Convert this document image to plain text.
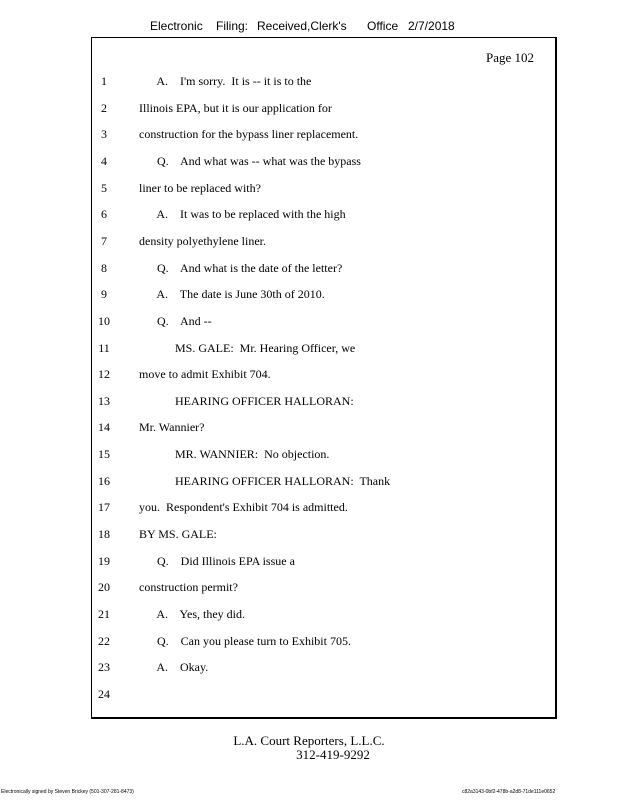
Electronic Filing: Received,Clerk's Office 2/7/2018
Page 102
1	A.    I'm sorry.  It is -- it is to the
2	Illinois EPA, but it is our application for
3	construction for the bypass liner replacement.
4	Q.    And what was -- what was the bypass
5	liner to be replaced with?
6	A.    It was to be replaced with the high
7	density polyethylene liner.
8	Q.    And what is the date of the letter?
9	A.    The date is June 30th of 2010.
10	Q.    And --
11	MS. GALE:  Mr. Hearing Officer, we
12	move to admit Exhibit 704.
13	HEARING OFFICER HALLORAN:
14	Mr. Wannier?
15	MR. WANNIER:  No objection.
16	HEARING OFFICER HALLORAN:  Thank
17	you.  Respondent's Exhibit 704 is admitted.
18	BY MS. GALE:
19	Q.    Did Illinois EPA issue a
20	construction permit?
21	A.    Yes, they did.
22	Q.    Can you please turn to Exhibit 705.
23	A.    Okay.
24
L.A. Court Reporters, L.L.C.
312-419-9292
Electronically signed by Steven Brickey (501-307-281-8473)	c82a3143-0bf2-478b-a2d8-71de111e0652
